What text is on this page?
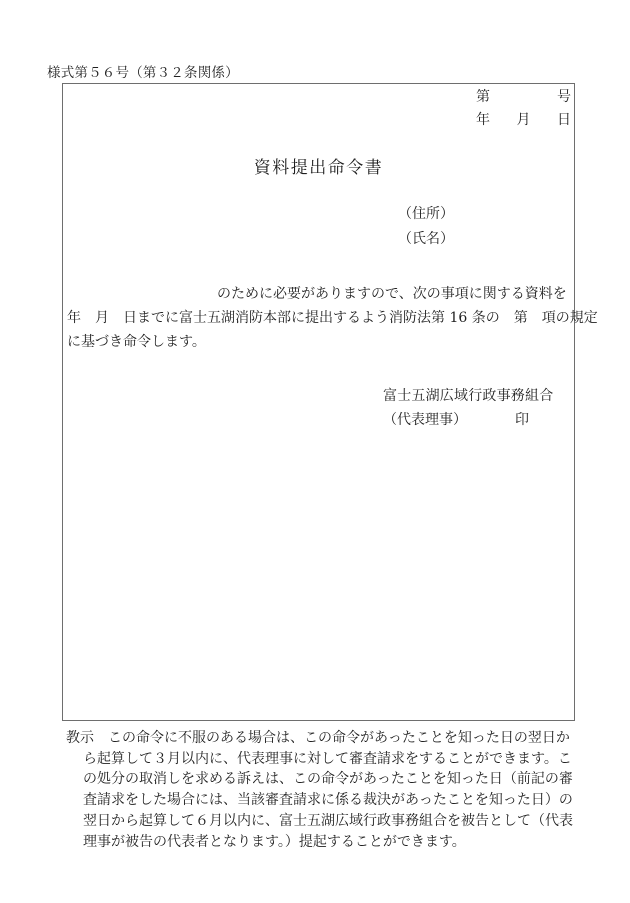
様式第５６号（第３２条関係）
第	号
年 月 日
資料提出命令書
（住所）
（氏名）
のために必要がありますので、次の事項に関する資料を
年　月　日までに富士五湖消防本部に提出するよう消防法第 16 条の　第　項の規定
に基づき命令します。
富士五湖広域行政事務組合
（代表理事）	印
教示　この命令に不服のある場合は、この命令があったことを知った日の翌日か
ら起算して３月以内に、代表理事に対して審査請求をすることができます。こ
の処分の取消しを求める訴えは、この命令があったことを知った日（前記の審
査請求をした場合には、当該審査請求に係る裁決があったことを知った日）の
翌日から起算して６月以内に、富士五湖広域行政事務組合を被告として（代表
理事が被告の代表者となります。）提起することができます。
